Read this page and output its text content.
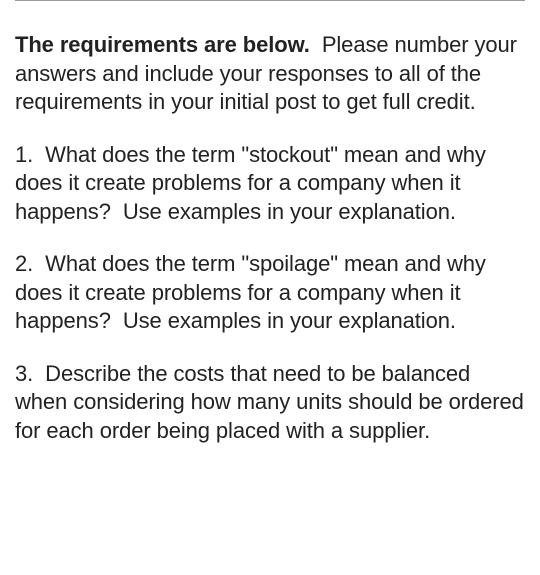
The requirements are below.  Please number your answers and include your responses to all of the requirements in your initial post to get full credit.

1.  What does the term "stockout" mean and why does it create problems for a company when it happens?  Use examples in your explanation.

2.  What does the term "spoilage" mean and why does it create problems for a company when it happens?  Use examples in your explanation.

3.  Describe the costs that need to be balanced when considering how many units should be ordered for each order being placed with a supplier.
